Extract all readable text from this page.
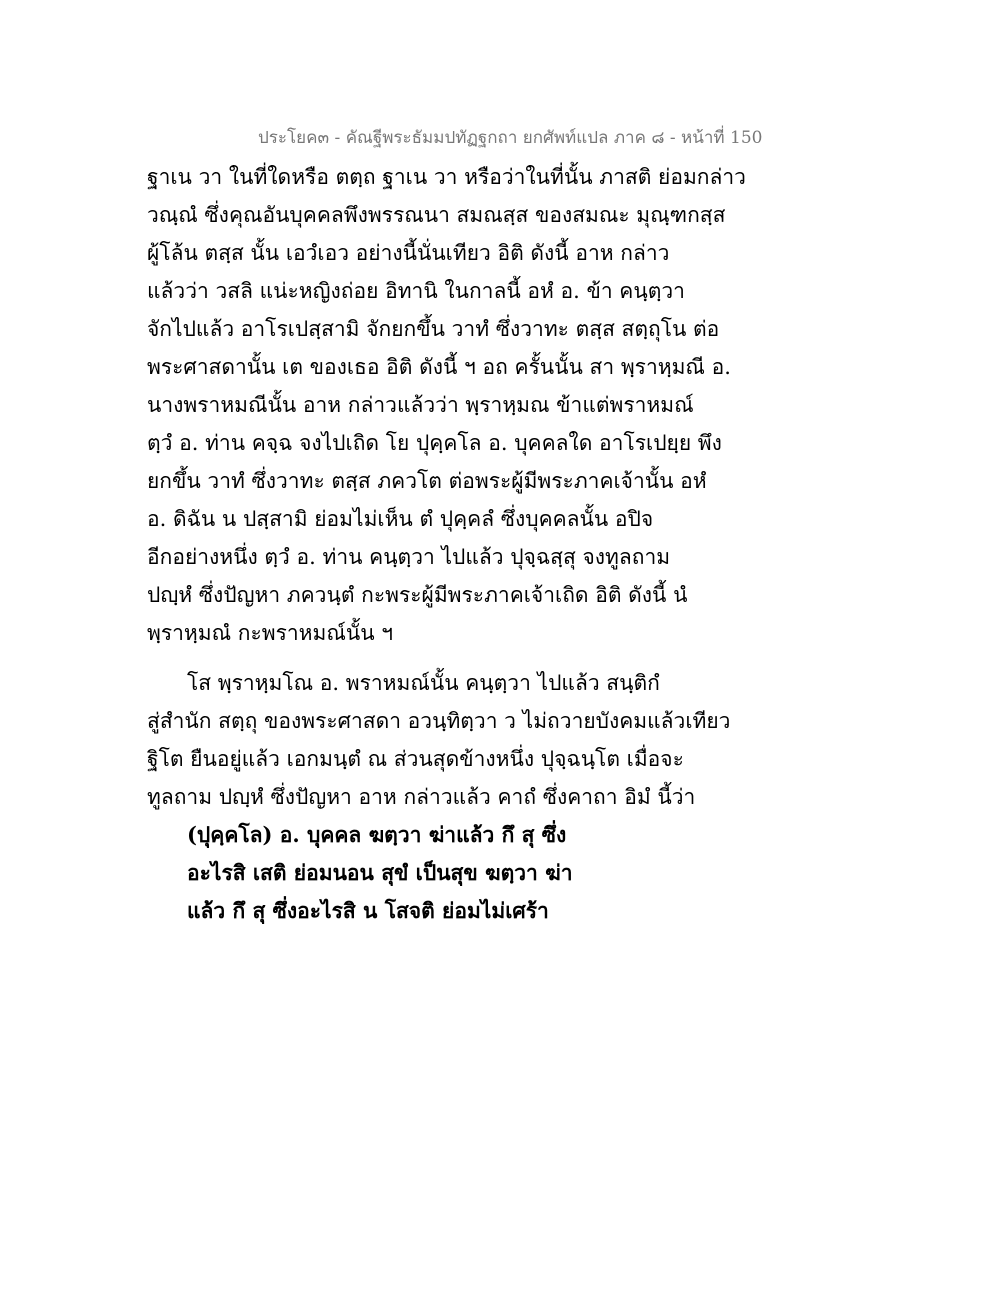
ประโยค๓ - คัณฐีพระธัมมปทัฏฐกถา ยกศัพท์แปล ภาค ๘ - หน้าที่ 150
ฐาเน วา ในที่ใดหรือ ตตฺถ ฐาเน วา หรือว่าในที่นั้น ภาสติ ย่อมกล่าว
วณฺณํ ซึ่งคุณอันบุคคลพึงพรรณนา สมณสฺส ของสมณะ มุณฺฑกสฺส
ผู้โล้น ตสฺส นั้น เอวํเอว อย่างนี้นั่นเทียว อิติ ดังนี้ อาห กล่าว
แล้วว่า วสลิ แน่ะหญิงถ่อย อิทานิ ในกาลนี้ อหํ อ. ข้า คนฺตฺวา
จักไปแล้ว อาโรเปสฺสามิ จักยกขึ้น วาทํ ซึ่งวาทะ ตสฺส สตฺถุโน ต่อ
พระศาสดานั้น เต ของเธอ อิติ ดังนี้ ฯ อถ ครั้นนั้น สา พฺราหฺมณี อ.
นางพราหมณีนั้น อาห กล่าวแล้วว่า พฺราหฺมณ ข้าแต่พราหมณ์
ตฺวํ อ. ท่าน คจฺฉ จงไปเถิด โย ปุคฺคโล อ. บุคคลใด อาโรเปยฺย พึง
ยกขึ้น วาทํ ซึ่งวาทะ ตสฺส ภควโต ต่อพระผู้มีพระภาคเจ้านั้น อหํ
อ. ดิฉัน น ปสฺสามิ ย่อมไม่เห็น ตํ ปุคฺคลํ ซึ่งบุคคลนั้น อปิจ
อีกอย่างหนึ่ง ตฺวํ อ. ท่าน คนฺตฺวา ไปแล้ว ปุจฺฉสฺสุ จงทูลถาม
ปญฺหํ ซึ่งปัญหา ภควนฺตํ กะพระผู้มีพระภาคเจ้าเถิด อิติ ดังนี้ นํ
พฺราหฺมณํ กะพราหมณ์นั้น ฯ
โส พฺราหฺมโณ อ. พราหมณ์นั้น คนฺตฺวา ไปแล้ว สนฺติกํ
สู่สำนัก สตฺถุ ของพระศาสดา อวนฺทิตฺวา ว ไม่ถวายบังคมแล้วเทียว
ฐิโต ยืนอยู่แล้ว เอกมนฺตํ ณ ส่วนสุดข้างหนึ่ง ปุจฺฉนฺโต เมื่อจะ
ทูลถาม ปญฺหํ ซึ่งปัญหา อาห กล่าวแล้ว คาถํ ซึ่งคาถา อิมํ นี้ว่า
(ปุคฺคโล) อ. บุคคล ฆตฺวา ฆ่าแล้ว กึ สุ ซึ่ง
อะไรสิ เสติ ย่อมนอน สุขํ เป็นสุข ฆตฺวา ฆ่า
แล้ว กึ สุ ซึ่งอะไรสิ น โสจติ ย่อมไม่เศร้า
